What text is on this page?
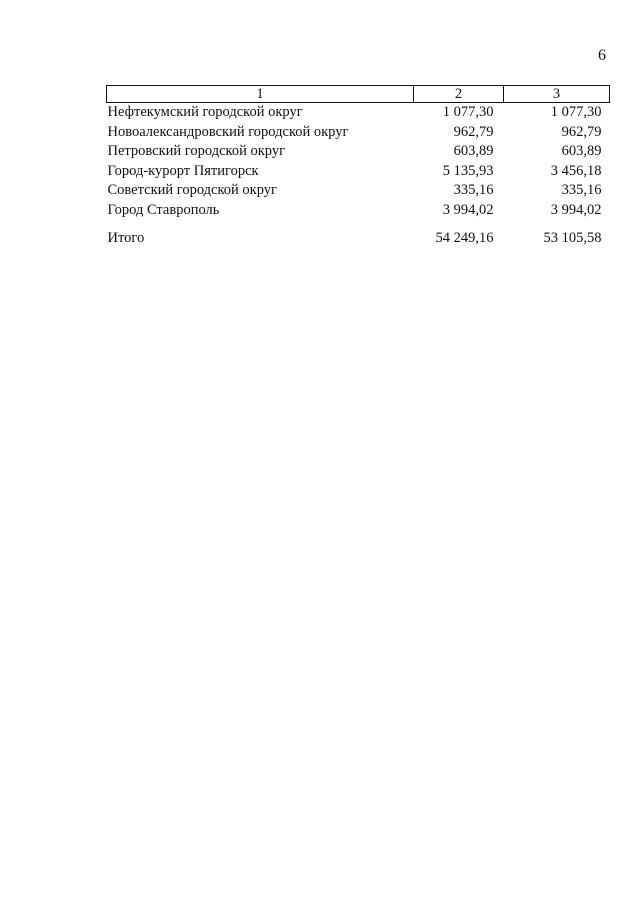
6
1	2	3
Нефтекумский городской округ	1 077,30	1 077,30
Новоалександровский городской округ	962,79	962,79
Петровский городской округ	603,89	603,89
Город-курорт Пятигорск	5 135,93	3 456,18
Советский городской округ	335,16	335,16
Город Ставрополь	3 994,02	3 994,02

Итого	54 249,16	53 105,58
